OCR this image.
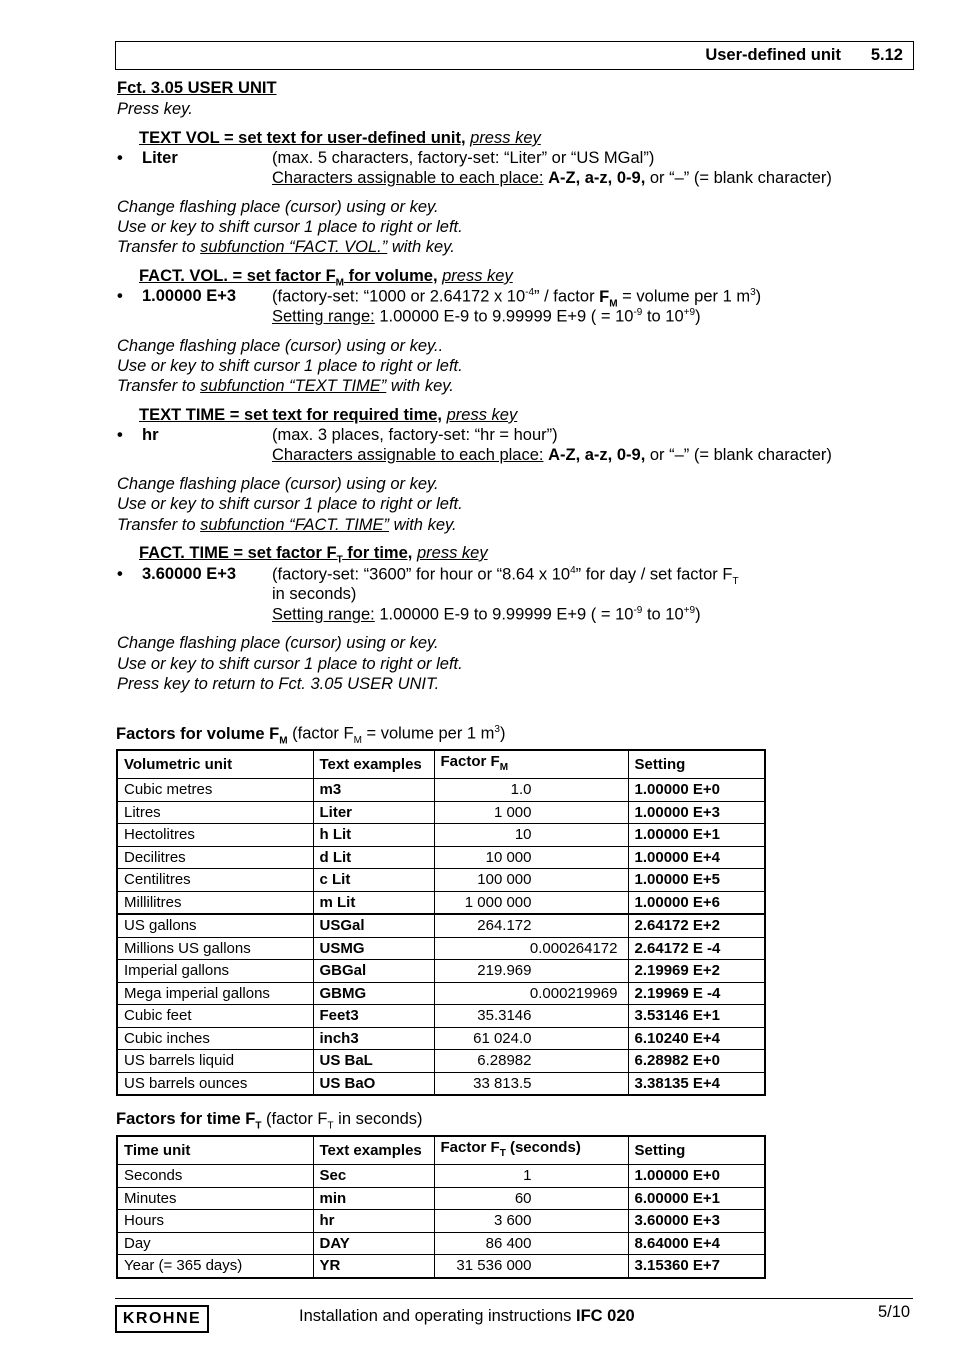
User-defined unit 5.12
Fct. 3.05 USER UNIT
Press key.
TEXT VOL = set text for user-defined unit, press key
• Liter	(max. 5 characters, factory-set: “Liter” or “US MGal”)
Characters assignable to each place: A-Z, a-z, 0-9, or “–” (= blank character)
Change flashing place (cursor) using or key.
Use or key to shift cursor 1 place to right or left.
Transfer to subfunction “FACT. VOL.” with key.
FACT. VOL. = set factor $F_M$ for volume, press key
• 1.00000 E+3 (factory-set: “1000 or 2.64172 x $10^{-4}$” / factor $F_M$ = volume per 1 $m^3$)
Setting range: 1.00000 E-9 to 9.99999 E+9 ( = $10^{-9}$ to $10^{+9}$)
Change flashing place (cursor) using or key..
Use or key to shift cursor 1 place to right or left.
Transfer to subfunction “TEXT TIME” with key.
TEXT TIME = set text for required time, press key
• hr	(max. 3 places, factory-set: “hr = hour”)
Characters assignable to each place: A-Z, a-z, 0-9, or “–” (= blank character)
Change flashing place (cursor) using or key.
Use or key to shift cursor 1 place to right or left.
Transfer to subfunction “FACT. TIME” with key.
FACT. TIME = set factor $F_T$ for time, press key
• 3.60000 E+3 (factory-set: “3600” for hour or “8.64 x $10^4$” for day / set factor $F_T$
in seconds)
Setting range: 1.00000 E-9 to 9.99999 E+9 ( = $10^{-9}$ to $10^{+9}$)
Change flashing place (cursor) using or key.
Use or key to shift cursor 1 place to right or left.
Press key to return to Fct. 3.05 USER UNIT.
Factors for volume $F_M$ (factor $F_M$ = volume per 1 $m^3$)
Volumetric unit	Text examples	Factor $F_M$	Setting
Cubic metres	m3	1.0	1.00000 E+0
Litres	Liter	1 000	1.00000 E+3
Hectolitres	h Lit	10	1.00000 E+1
Decilitres	d Lit	10 000	1.00000 E+4
Centilitres	c Lit	100 000	1.00000 E+5
Millilitres	m Lit	1 000 000	1.00000 E+6
US gallons	USGal	264.172	2.64172 E+2
Millions US gallons	USMG	0.000264172	2.64172 E -4
Imperial gallons	GBGal	219.969	2.19969 E+2
Mega imperial gallons	GBMG	0.000219969	2.19969 E -4
Cubic feet	Feet3	35.3146	3.53146 E+1
Cubic inches	inch3	61 024.0	6.10240 E+4
US barrels liquid	US BaL	6.28982	6.28982 E+0
US barrels ounces	US BaO	33 813.5	3.38135 E+4
Factors for time $F_T$ (factor $F_T$ in seconds)
Time unit	Text examples	Factor $F_T$ (seconds)	Setting
Seconds	Sec	1	1.00000 E+0
Minutes	min	60	6.00000 E+1
Hours	hr	3 600	3.60000 E+3
Day	DAY	86 400	8.64000 E+4
Year (= 365 days)	YR	31 536 000	3.15360 E+7
KROHNE	Installation and operating instructions IFC 020	5/10
